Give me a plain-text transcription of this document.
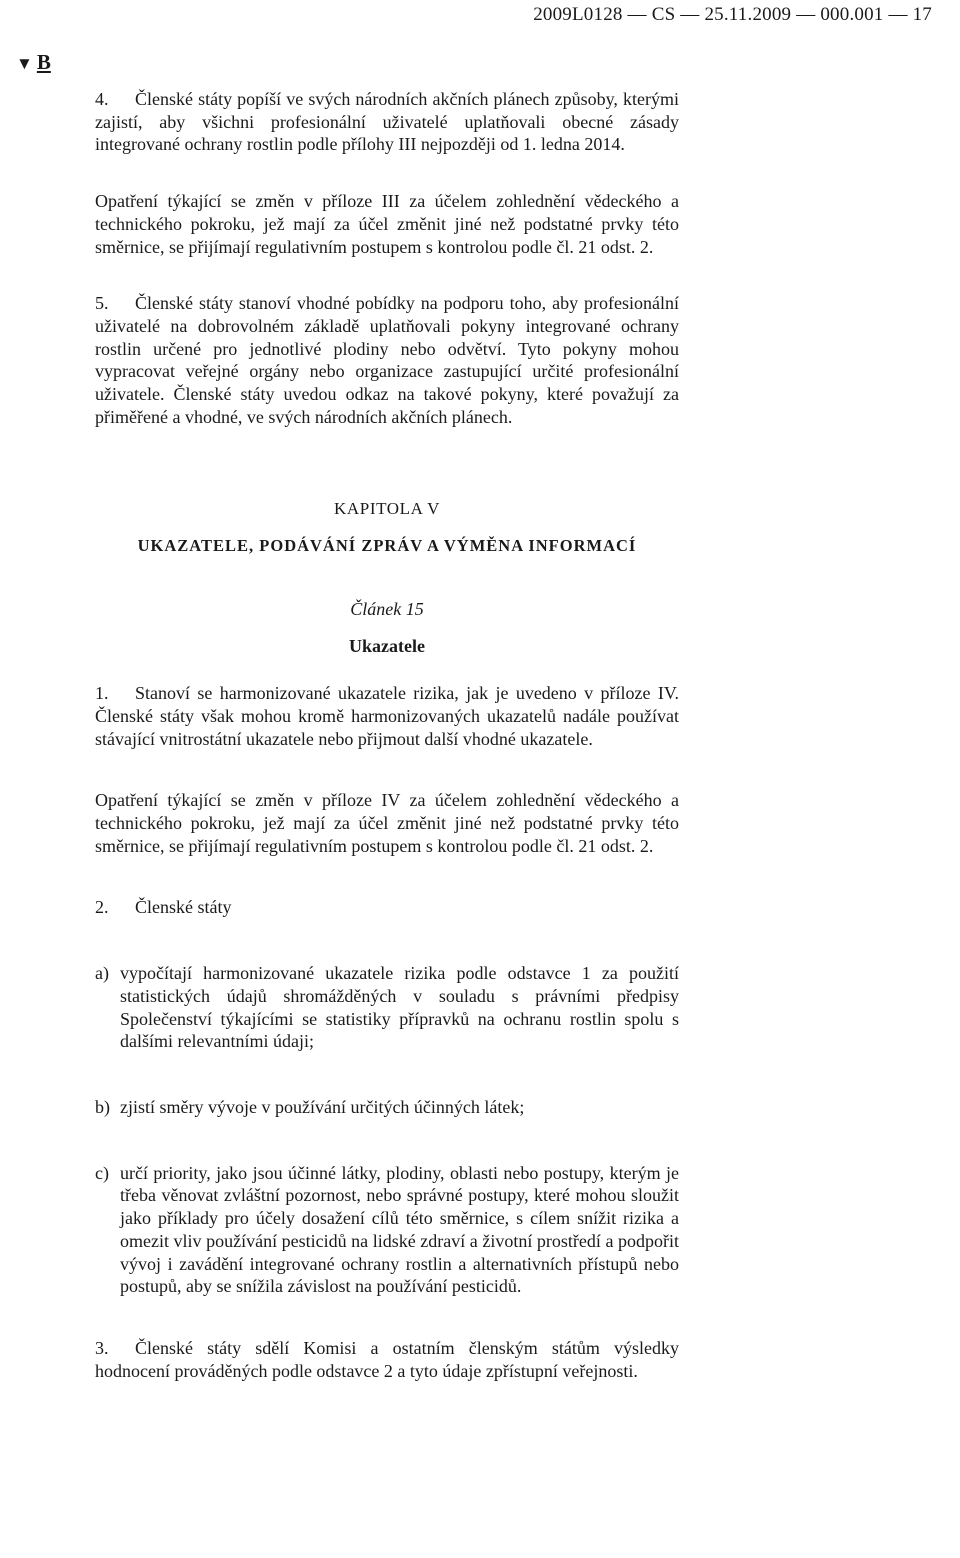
2009L0128 — CS — 25.11.2009 — 000.001 — 17
▼ B

4. Členské státy popíší ve svých národních akčních plánech způsoby, kterými zajistí, aby všichni profesionální uživatelé uplatňovali obecné zásady integrované ochrany rostlin podle přílohy III nejpozději od 1. ledna 2014.

Opatření týkající se změn v příloze III za účelem zohlednění vědeckého a technického pokroku, jež mají za účel změnit jiné než podstatné prvky této směrnice, se přijímají regulativním postupem s kontrolou podle čl. 21 odst. 2.

5. Členské státy stanoví vhodné pobídky na podporu toho, aby profesionální uživatelé na dobrovolném základě uplatňovali pokyny integrované ochrany rostlin určené pro jednotlivé plodiny nebo odvětví. Tyto pokyny mohou vypracovat veřejné orgány nebo organizace zastupující určité profesionální uživatele. Členské státy uvedou odkaz na takové pokyny, které považují za přiměřené a vhodné, ve svých národních akčních plánech.

KAPITOLA V

UKAZATELE, PODÁVÁNÍ ZPRÁV A VÝMĚNA INFORMACÍ

Článek 15

Ukazatele

1. Stanoví se harmonizované ukazatele rizika, jak je uvedeno v příloze IV. Členské státy však mohou kromě harmonizovaných ukazatelů nadále používat stávající vnitrostátní ukazatele nebo přijmout další vhodné ukazatele.

Opatření týkající se změn v příloze IV za účelem zohlednění vědeckého a technického pokroku, jež mají za účel změnit jiné než podstatné prvky této směrnice, se přijímají regulativním postupem s kontrolou podle čl. 21 odst. 2.

2. Členské státy

a) vypočítají harmonizované ukazatele rizika podle odstavce 1 za použití statistických údajů shromážděných v souladu s právními předpisy Společenství týkajícími se statistiky přípravků na ochranu rostlin spolu s dalšími relevantními údaji;
b) zjistí směry vývoje v používání určitých účinných látek;
c) určí priority, jako jsou účinné látky, plodiny, oblasti nebo postupy, kterým je třeba věnovat zvláštní pozornost, nebo správné postupy, které mohou sloužit jako příklady pro účely dosažení cílů této směrnice, s cílem snížit rizika a omezit vliv používání pesticidů na lidské zdraví a životní prostředí a podpořit vývoj i zavádění integrované ochrany rostlin a alternativních přístupů nebo postupů, aby se snížila závislost na používání pesticidů.

3. Členské státy sdělí Komisi a ostatním členským státům výsledky hodnocení prováděných podle odstavce 2 a tyto údaje zpřístupní veřejnosti.
